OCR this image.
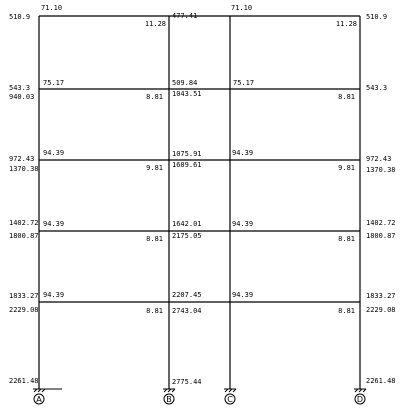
A	B	C	D
510.9
543.3
940.03
972.43
1370.38
1402.72
1800.87
1833.27
2229.08
2261.48
510.9
543.3
972.43
1370.38
1402.72
1800.87
1833.27
2229.08
2261.48
477.41
509.84
1043.51
1075.91
1609.61
1642.01
2175.05
2207.45
2743.04
2775.44
71.10
75.17
94.39
94.39
94.39
11.28
8.81
9.81
8.81
8.81
71.10
75.17
94.39
94.39
94.39
11.28
8.81
9.81
8.81
8.81
